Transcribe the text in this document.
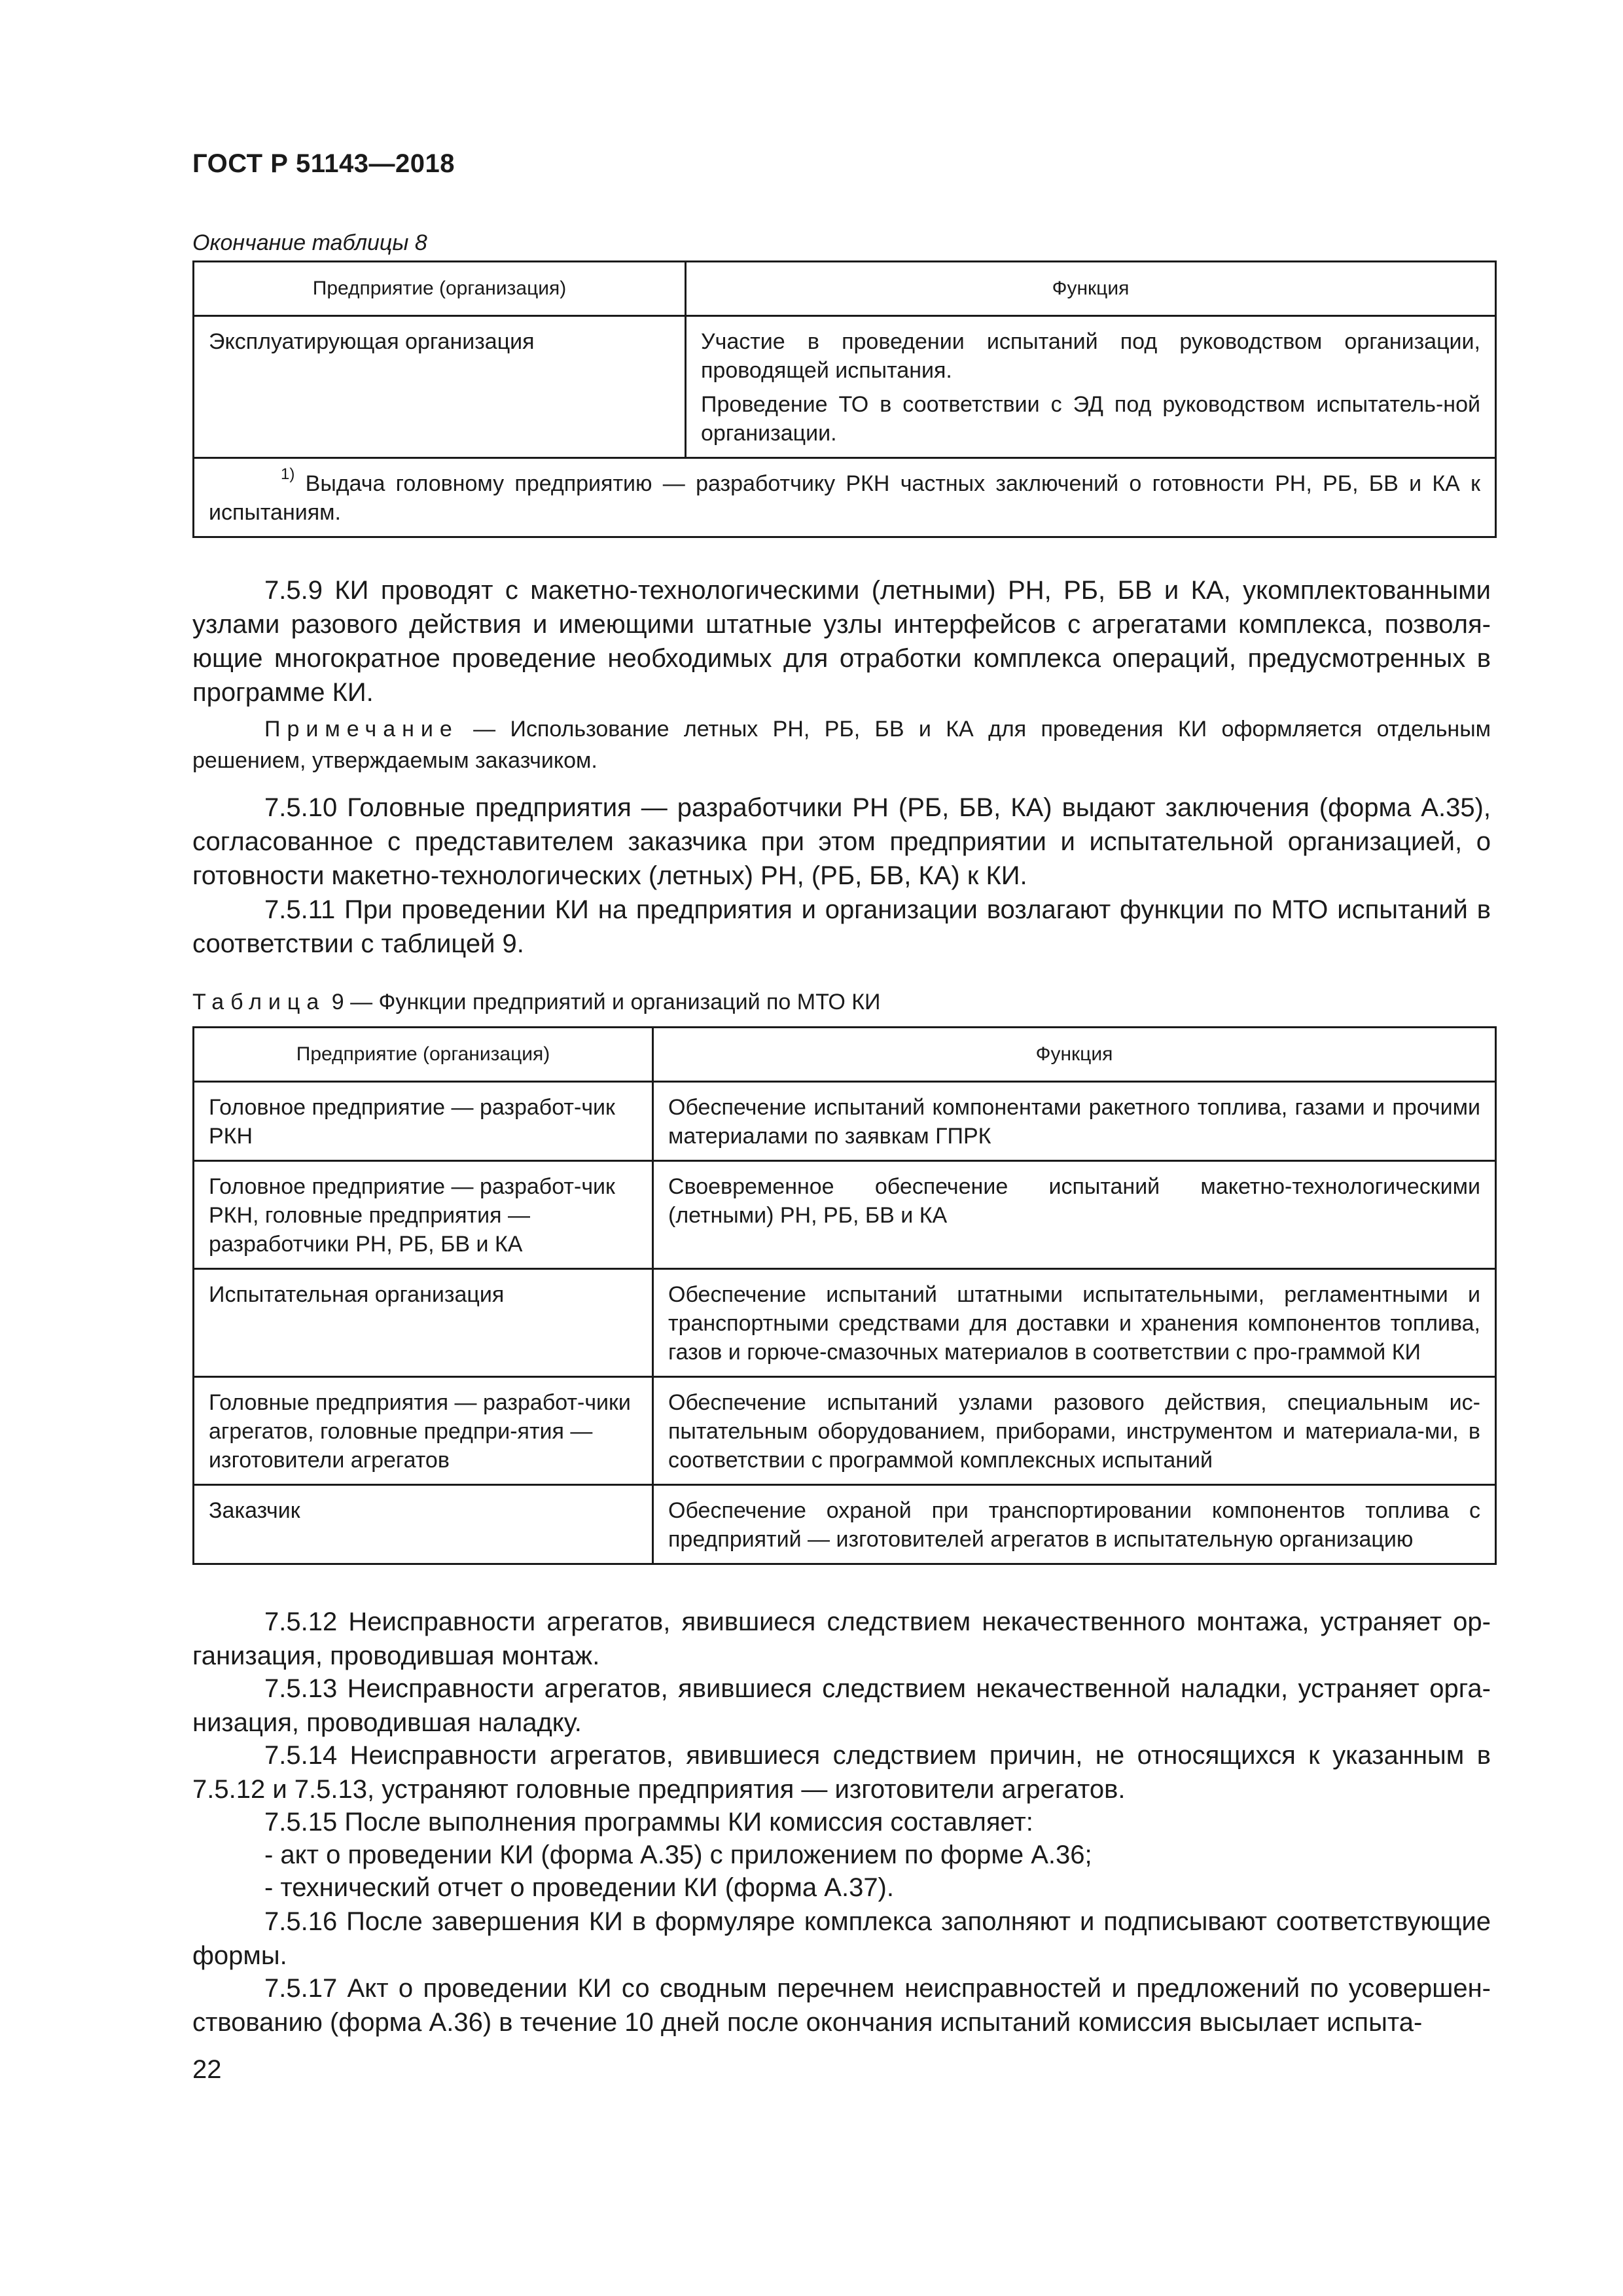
ГОСТ Р 51143—2018
Окончание таблицы 8
Предприятие (организация)	Функция
Эксплуатирующая организация	Участие в проведении испытаний под руководством организации, проводящей испытания.

Проведение ТО в соответствии с ЭД под руководством испытатель-ной организации.

$^{1)}$ Выдача головному предприятию — разработчику РКН частных заключений о готовности РН, РБ, БВ и КА к испытаниям.	
7.5.9 КИ проводят с макетно-технологическими (летными) РН, РБ, БВ и КА, укомплектованными узлами разового действия и имеющими штатные узлы интерфейсов с агрегатами комплекса, позволя-ющие многократное проведение необходимых для отработки комплекса операций, предусмотренных в программе КИ.
Примечание — Использование летных РН, РБ, БВ и КА для проведения КИ оформляется отдельным решением, утверждаемым заказчиком.
7.5.10 Головные предприятия — разработчики РН (РБ, БВ, КА) выдают заключения (форма А.35), согласованное с представителем заказчика при этом предприятии и испытательной организацией, о готовности макетно-технологических (летных) РН, (РБ, БВ, КА) к КИ.
7.5.11 При проведении КИ на предприятия и организации возлагают функции по МТО испытаний в соответствии с таблицей 9.
Таблица 9 — Функции предприятий и организаций по МТО КИ
Предприятие (организация)	Функция
Головное предприятие — разработ-чик РКН	Обеспечение испытаний компонентами ракетного топлива, газами и прочими материалами по заявкам ГПРК
Головное предприятие — разработ-чик РКН, головные предприятия — разработчики РН, РБ, БВ и КА	Своевременное обеспечение испытаний макетно-технологическими (летными) РН, РБ, БВ и КА
Испытательная организация	Обеспечение испытаний штатными испытательными, регламентными и транспортными средствами для доставки и хранения компонентов топлива, газов и горюче-смазочных материалов в соответствии с про-граммой КИ
Головные предприятия — разработ-чики агрегатов, головные предпри-ятия — изготовители агрегатов	Обеспечение испытаний узлами разового действия, специальным ис-пытательным оборудованием, приборами, инструментом и материала-ми, в соответствии с программой комплексных испытаний
Заказчик	Обеспечение охраной при транспортировании компонентов топлива с предприятий — изготовителей агрегатов в испытательную организацию
7.5.12 Неисправности агрегатов, явившиеся следствием некачественного монтажа, устраняет ор-ганизация, проводившая монтаж.
7.5.13 Неисправности агрегатов, явившиеся следствием некачественной наладки, устраняет орга-низация, проводившая наладку.
7.5.14 Неисправности агрегатов, явившиеся следствием причин, не относящихся к указанным в 7.5.12 и 7.5.13, устраняют головные предприятия — изготовители агрегатов.
7.5.15 После выполнения программы КИ комиссия составляет:
- акт о проведении КИ (форма А.35) с приложением по форме А.36;
- технический отчет о проведении КИ (форма А.37).
7.5.16 После завершения КИ в формуляре комплекса заполняют и подписывают соответствующие формы.
7.5.17 Акт о проведении КИ со сводным перечнем неисправностей и предложений по усовершен-ствованию (форма А.36) в течение 10 дней после окончания испытаний комиссия высылает испыта-
22
